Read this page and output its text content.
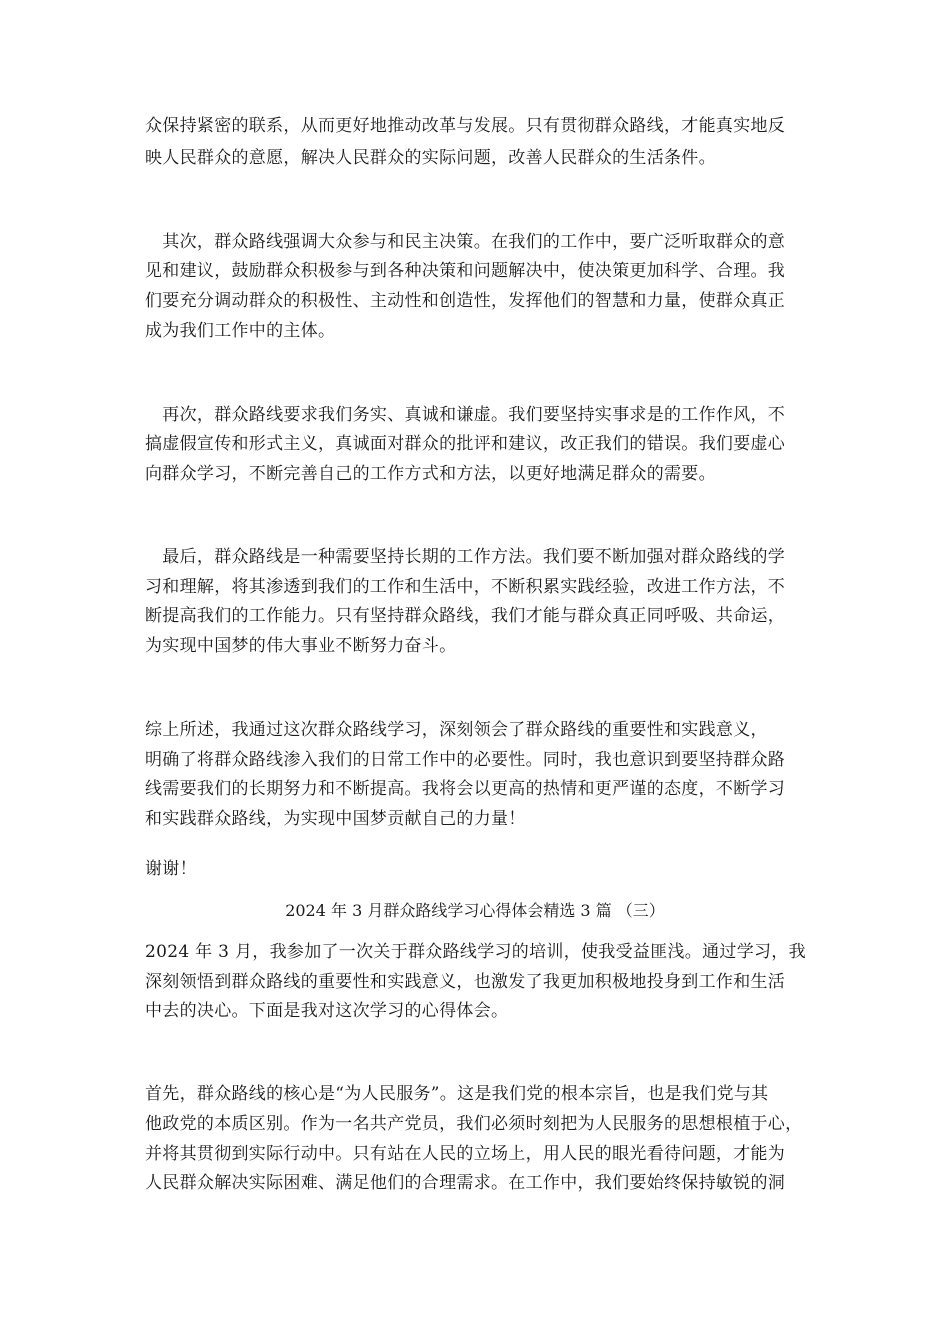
众保持紧密的联系，从而更好地推动改革与发展。只有贯彻群众路线，才能真实地反
映人民群众的意愿，解决人民群众的实际问题，改善人民群众的生活条件。
　其次，群众路线强调大众参与和民主决策。在我们的工作中，要广泛听取群众的意
见和建议，鼓励群众积极参与到各种决策和问题解决中，使决策更加科学、合理。我
们要充分调动群众的积极性、主动性和创造性，发挥他们的智慧和力量，使群众真正
成为我们工作中的主体。
　再次，群众路线要求我们务实、真诚和谦虚。我们要坚持实事求是的工作作风，不
搞虚假宣传和形式主义，真诚面对群众的批评和建议，改正我们的错误。我们要虚心
向群众学习，不断完善自己的工作方式和方法，以更好地满足群众的需要。
　最后，群众路线是一种需要坚持长期的工作方法。我们要不断加强对群众路线的学
习和理解，将其渗透到我们的工作和生活中，不断积累实践经验，改进工作方法，不
断提高我们的工作能力。只有坚持群众路线，我们才能与群众真正同呼吸、共命运，
为实现中国梦的伟大事业不断努力奋斗。
综上所述，我通过这次群众路线学习，深刻领会了群众路线的重要性和实践意义，
明确了将群众路线渗入我们的日常工作中的必要性。同时，我也意识到要坚持群众路
线需要我们的长期努力和不断提高。我将会以更高的热情和更严谨的态度，不断学习
和实践群众路线，为实现中国梦贡献自己的力量！
谢谢！
2024 年 3 月群众路线学习心得体会精选 3 篇 （三）
2024 年 3 月，我参加了一次关于群众路线学习的培训，使我受益匪浅。通过学习，我
深刻领悟到群众路线的重要性和实践意义，也激发了我更加积极地投身到工作和生活
中去的决心。下面是我对这次学习的心得体会。
首先，群众路线的核心是“为人民服务”。这是我们党的根本宗旨，也是我们党与其
他政党的本质区别。作为一名共产党员，我们必须时刻把为人民服务的思想根植于心，
并将其贯彻到实际行动中。只有站在人民的立场上，用人民的眼光看待问题，才能为
人民群众解决实际困难、满足他们的合理需求。在工作中，我们要始终保持敏锐的洞
